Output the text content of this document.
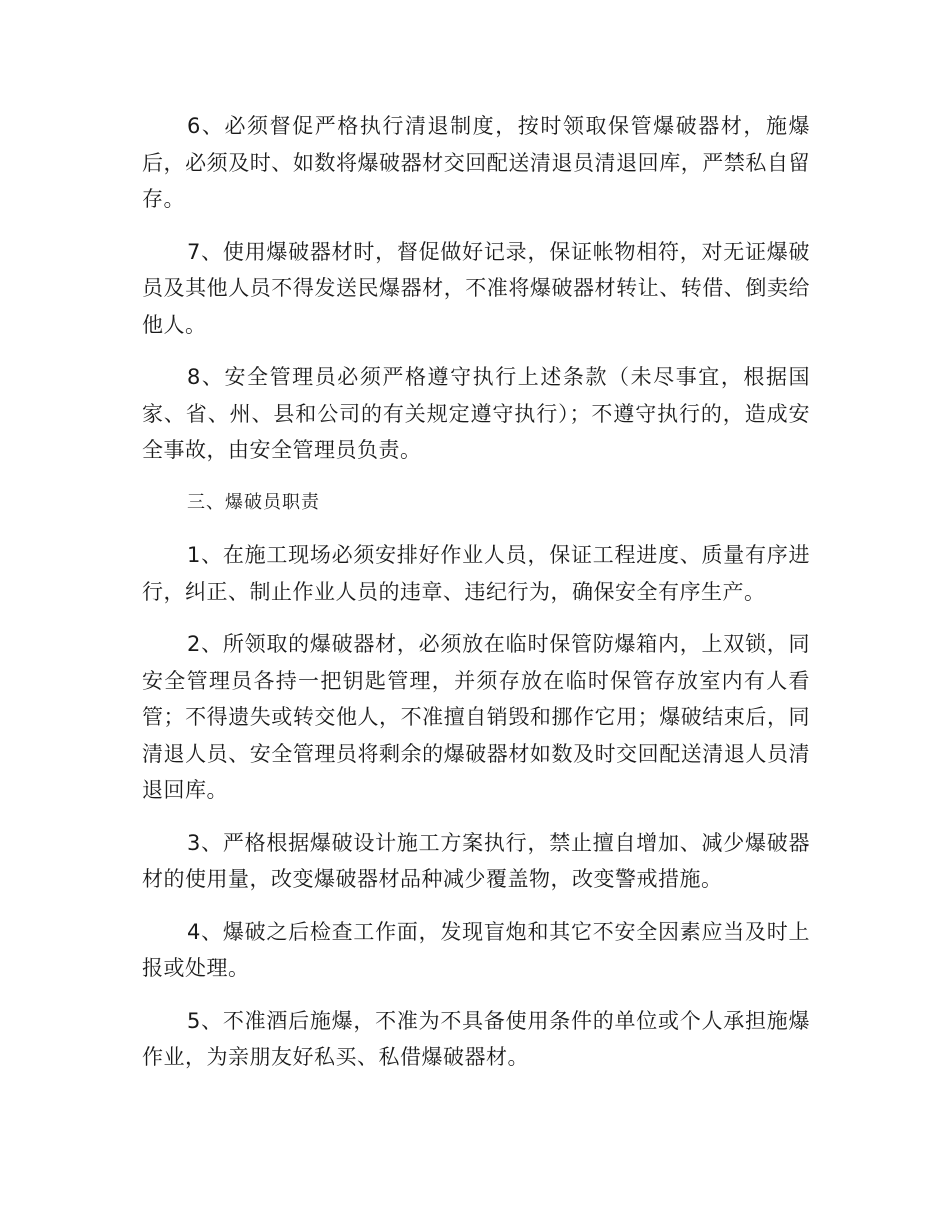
6、必须督促严格执行清退制度，按时领取保管爆破器材，施爆后，必须及时、如数将爆破器材交回配送清退员清退回库，严禁私自留存。

7、使用爆破器材时，督促做好记录，保证帐物相符，对无证爆破员及其他人员不得发送民爆器材，不准将爆破器材转让、转借、倒卖给他人。

8、安全管理员必须严格遵守执行上述条款（未尽事宜，根据国家、省、州、县和公司的有关规定遵守执行）；不遵守执行的，造成安全事故，由安全管理员负责。

三、爆破员职责

1、在施工现场必须安排好作业人员，保证工程进度、质量有序进行，纠正、制止作业人员的违章、违纪行为，确保安全有序生产。

2、所领取的爆破器材，必须放在临时保管防爆箱内，上双锁，同安全管理员各持一把钥匙管理，并须存放在临时保管存放室内有人看管；不得遗失或转交他人，不准擅自销毁和挪作它用；爆破结束后，同清退人员、安全管理员将剩余的爆破器材如数及时交回配送清退人员清退回库。

3、严格根据爆破设计施工方案执行，禁止擅自增加、减少爆破器材的使用量，改变爆破器材品种减少覆盖物，改变警戒措施。

4、爆破之后检查工作面，发现盲炮和其它不安全因素应当及时上报或处理。

5、不准酒后施爆，不准为不具备使用条件的单位或个人承担施爆作业，为亲朋友好私买、私借爆破器材。
